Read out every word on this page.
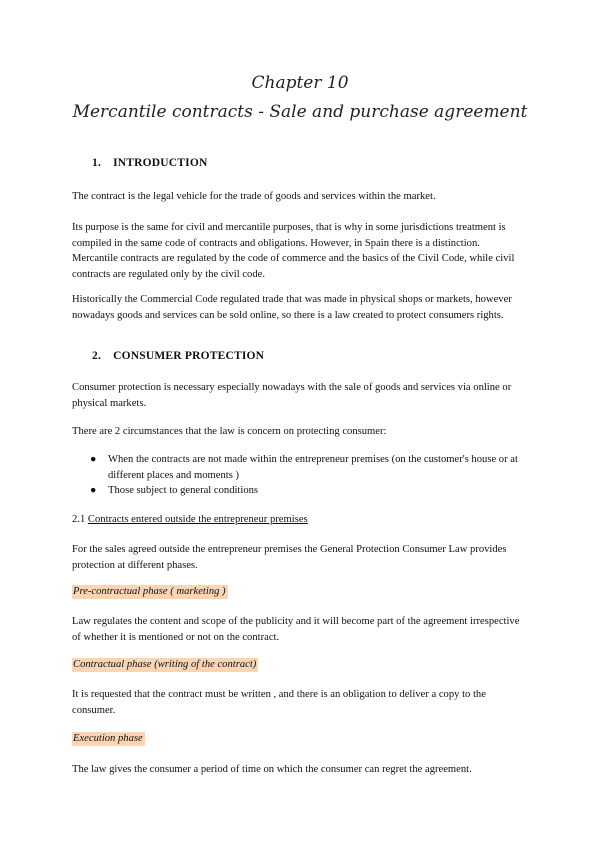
Chapter 10
Mercantile contracts - Sale and purchase agreement
1. INTRODUCTION
The contract is the legal vehicle for the trade of goods and services within the market.
Its purpose is the same for civil and mercantile purposes, that is why in some jurisdictions treatment is compiled in the same code of contracts and obligations. However, in Spain there is a distinction. Mercantile contracts are regulated by the code of commerce and the basics of the Civil Code, while civil contracts are regulated only by the civil code.
Historically the Commercial Code regulated trade that was made in physical shops or markets, however nowadays goods and services can be sold online, so there is a law created to protect consumers rights.
2. CONSUMER PROTECTION
Consumer protection is necessary especially nowadays with the sale of goods and services via online or physical markets.
There are 2 circumstances that the law is concern on protecting consumer:
● When the contracts are not made within the entrepreneur premises (on the customer's house or at different places and moments )
● Those subject to general conditions
2.1 Contracts entered outside the entrepreneur premises
For the sales agreed outside the entrepreneur premises the General Protection Consumer Law provides protection at different phases.
Pre-contractual phase ( marketing )
Law regulates the content and scope of the publicity and it will become part of the agreement irrespective of whether it is mentioned or not on the contract.
Contractual phase (writing of the contract)
It is requested that the contract must be written , and there is an obligation to deliver a copy to the consumer.
Execution phase
The law gives the consumer a period of time on which the consumer can regret the agreement.
